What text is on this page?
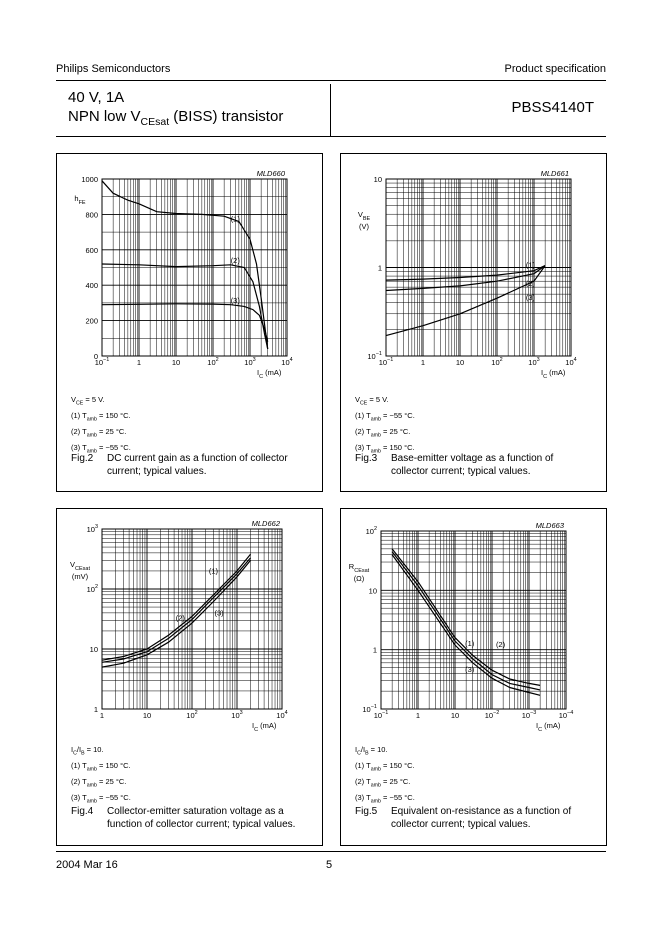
Philips Semiconductors	Product specification
40 V, 1A
NPN low $V_{CEsat}$ (BISS) transistor
PBSS4140T
10−1	1	10	102	103	104
0
200
400
600
800
1000
IC (mA)
hFE
MLD660
(1)
(2)
(3)
$V_{CE} = 5$ V.
(1) $T_{amb} = 150$ °C.
(2) $T_{amb} = 25$ °C.
(3) $T_{amb} = -55$ °C.
Fig.2 DC current gain as a function of collector
current; typical values.
10−1	1	10	102	103	104
10−1
1
10
IC (mA)
VBE
(V)
MLD661
(1)
(2)
(3)
$V_{CE} = 5$ V.
(1) $T_{amb} = -55$ °C.
(2) $T_{amb} = 25$ °C.
(3) $T_{amb} = 150$ °C.
Fig.3 Base-emitter voltage as a function of
collector current; typical values.
1	10	102	103	104
1
10
102
103
IC (mA)
VCEsat
(mV)
MLD662
(1)
(2)
(3)
$I_C/I_B = 10$.
(1) $T_{amb} = 150$ °C.
(2) $T_{amb} = 25$ °C.
(3) $T_{amb} = -55$ °C.
Fig.4 Collector-emitter saturation voltage as a
function of collector current; typical values.
10−1	1	10	10−2	10−3	10−4
10−1
1
10
102
IC (mA)
RCEsat
(Ω)
MLD663
(1)	(2)
(3)
$I_C/I_B = 10$.
(1) $T_{amb} = 150$ °C.
(2) $T_{amb} = 25$ °C.
(3) $T_{amb} = -55$ °C.
Fig.5 Equivalent on-resistance as a function of
collector current; typical values.
2004 Mar 16	5
